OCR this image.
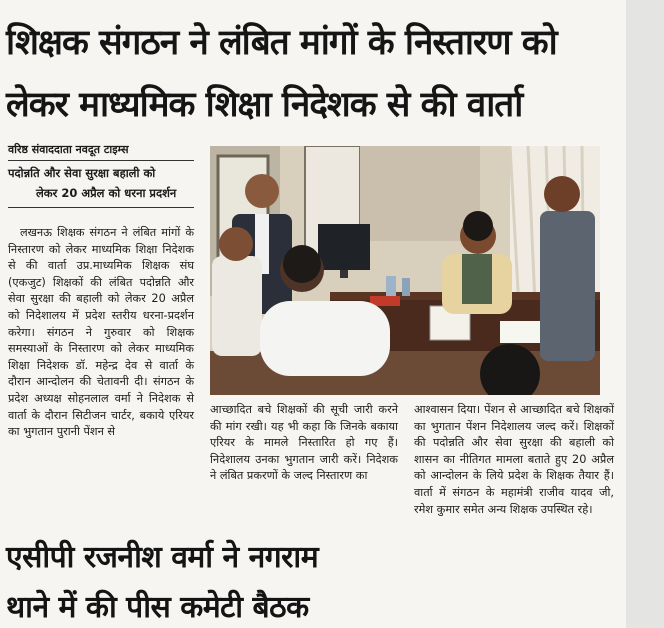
शिक्षक संगठन ने लंबित मांगों के निस्तारण को
लेकर माध्यमिक शिक्षा निदेशक से की वार्ता
वरिष्ठ संवाददाता नवदूत टाइम्स
पदोन्नति और सेवा सुरक्षा बहाली को
लेकर 20 अप्रैल को धरना प्रदर्शन
लखनऊ शिक्षक संगठन ने लंबित मांगों के निस्तारण को लेकर माध्यमिक शिक्षा निदेशक से की वार्ता उप्र.माध्यमिक शिक्षक संघ (एकजुट) शिक्षकों की लंबित पदोन्नति और सेवा सुरक्षा की बहाली को लेकर 20 अप्रैल को निदेशालय में प्रदेश स्तरीय धरना-प्रदर्शन करेगा। संगठन ने गुरुवार को शिक्षक समस्याओं के निस्तारण को लेकर माध्यमिक शिक्षा निदेशक डॉ. महेन्द्र देव से वार्ता के दौरान आन्दोलन की चेतावनी दी। संगठन के प्रदेश अध्यक्ष सोहनलाल वर्मा ने निदेशक से वार्ता के दौरान सिटीजन चार्टर, बकाये एरियर का भुगतान पुरानी पेंशन से
आच्छादित बचे शिक्षकों की सूची जारी करने की मांग रखी। यह भी कहा कि जिनके बकाया एरियर के मामले निस्तारित हो गए हैं। निदेशालय उनका भुगतान जारी करें। निदेशक ने लंबित प्रकरणों के जल्द निस्तारण का
आश्वासन दिया। पेंशन से आच्छादित बचे शिक्षकों का भुगतान पेंशन निदेशालय जल्द करें। शिक्षकों की पदोन्नति और सेवा सुरक्षा की बहाली को शासन का नीतिगत मामला बताते हुए 20 अप्रैल को आन्दोलन के लिये प्रदेश के शिक्षक तैयार हैं। वार्ता में संगठन के महामंत्री राजीव यादव जी, रमेश कुमार समेत अन्य शिक्षक उपस्थित रहे।
एसीपी रजनीश वर्मा ने नगराम
थाने में की पीस कमेटी बैठक
